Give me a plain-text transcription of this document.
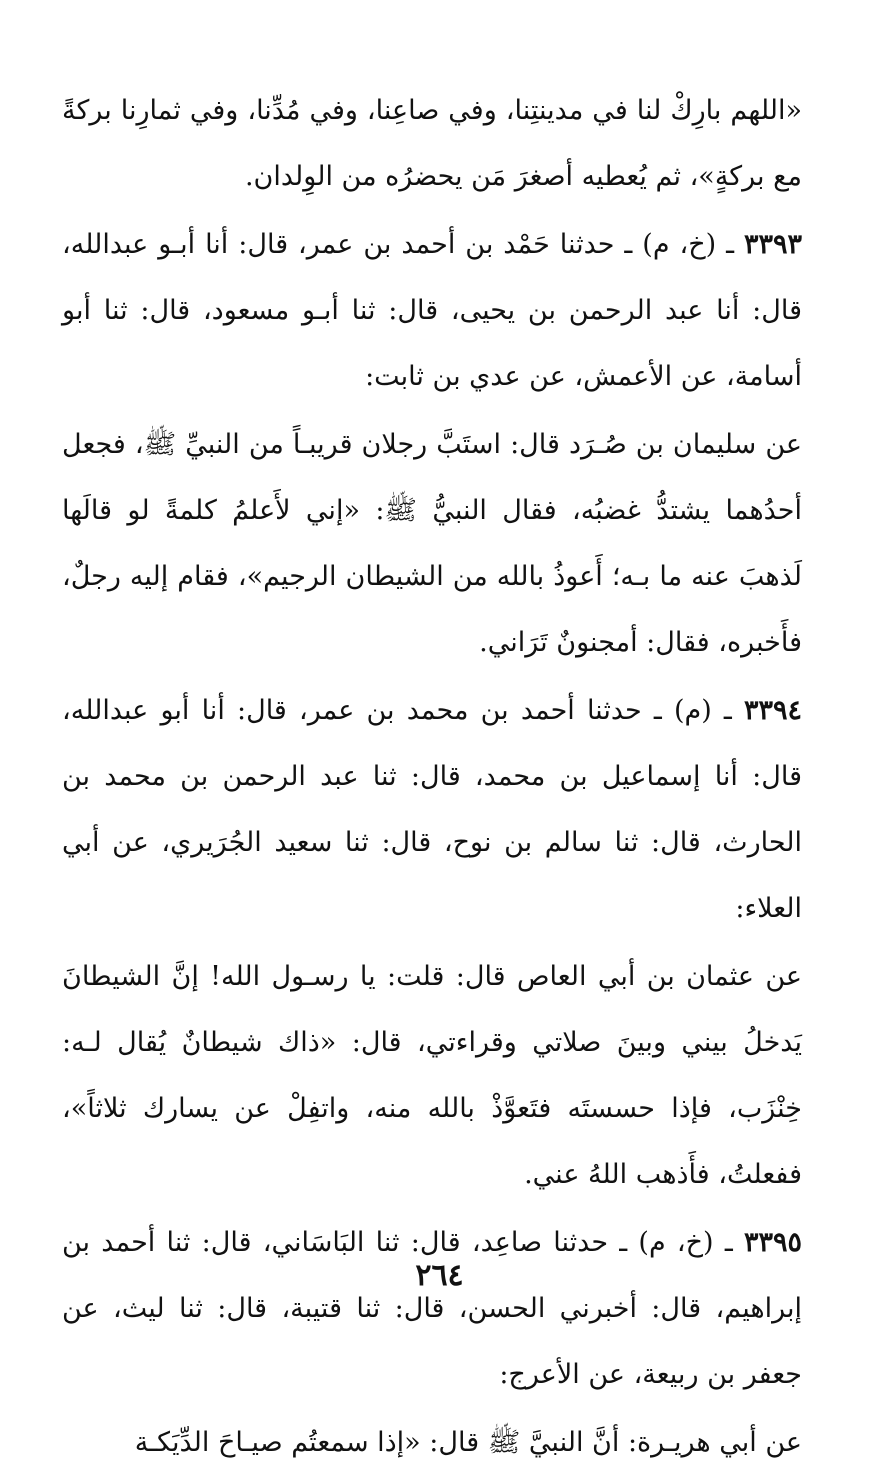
«اللهم بارِكْ لنا في مدينتِنا، وفي صاعِنا، وفي مُدِّنا، وفي ثمارِنا بركةً مع بركةٍ»، ثم يُعطيه أصغرَ مَن يحضرُه من الوِلدان.

٣٣٩٣ ـ (خ، م) ـ حدثنا حَمْد بن أحمد بن عمر، قال: أنا أبـو عبدالله، قال: أنا عبد الرحمن بن يحيى، قال: ثنا أبـو مسعود، قال: ثنا أبو أسامة، عن الأعمش، عن عدي بن ثابت:

عن سليمان بن صُـرَد قال: استَبَّ رجلان قريبـاً من النبيِّ ﷺ، فجعل أحدُهما يشتدُّ غضبُه، فقال النبيُّ ﷺ: «إني لأَعلمُ كلمةً لو قالَها لَذهبَ عنه ما بـه؛ أَعوذُ بالله من الشيطان الرجيم»، فقام إليه رجلٌ، فأَخبره، فقال: أمجنونٌ تَرَاني.

٣٣٩٤ ـ (م) ـ حدثنا أحمد بن محمد بن عمر، قال: أنا أبو عبدالله، قال: أنا إسماعيل بن محمد، قال: ثنا عبد الرحمن بن محمد بن الحارث، قال: ثنا سالم بن نوح، قال: ثنا سعيد الجُرَيري، عن أبي العلاء:

عن عثمان بن أبي العاص قال: قلت: يا رسـول الله! إنَّ الشيطانَ يَدخلُ بيني وبينَ صلاتي وقراءتي، قال: «ذاك شيطانٌ يُقال لـه: خِنْزَب، فإذا حسستَه فتَعوَّذْ بالله منه، واتفِلْ عن يسارك ثلاثاً»، ففعلتُ، فأَذهب اللهُ عني.

٣٣٩٥ ـ (خ، م) ـ حدثنا صاعِد، قال: ثنا البَاسَاني، قال: ثنا أحمد بن إبراهيم، قال: أخبرني الحسن، قال: ثنا قتيبة، قال: ثنا ليث، عن جعفر بن ربيعة، عن الأعرج:

عن أبي هريـرة: أنَّ النبيَّ ﷺ قال: «إذا سمعتُم صيـاحَ الدِّيَكـة

٢٦٤
